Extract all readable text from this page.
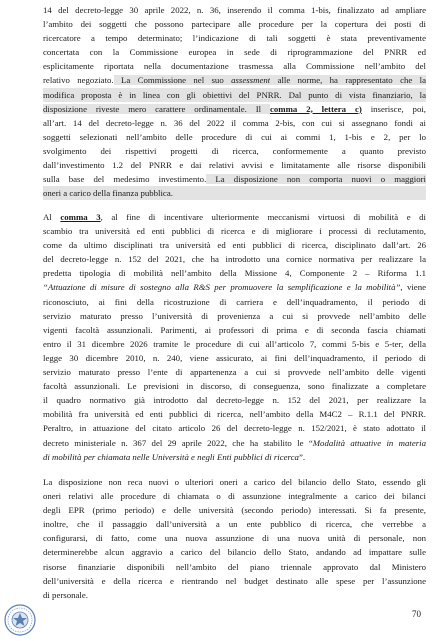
14 del decreto-legge 30 aprile 2022, n. 36, inserendo il comma 1-bis, finalizzato ad ampliare
l’ambito dei soggetti che possono partecipare alle procedure per la copertura dei posti di
ricercatore a tempo determinato; l’indicazione di tali soggetti è stata preventivamente
concertata con la Commissione europea in sede di riprogrammazione del PNRR ed
esplicitamente riportata nella documentazione trasmessa alla Commissione nell’ambito del
relativo negoziato. La Commissione nel suo assessment alle norme, ha rappresentato che la
modifica proposta è in linea con gli obiettivi del PNRR. Dal punto di vista finanziario, la
disposizione riveste mero carattere ordinamentale. Il comma 2, lettera c) inserisce, poi,
all’art. 14 del decreto-legge n. 36 del 2022 il comma 2-bis, con cui si assegnano fondi ai
soggetti selezionati nell’ambito delle procedure di cui ai commi 1, 1-bis e 2, per lo
svolgimento dei rispettivi progetti di ricerca, conformemente a quanto previsto
dall’investimento 1.2 del PNRR e dai relativi avvisi e limitatamente alle risorse disponibili
sulla base del medesimo investimento. La disposizione non comporta nuovi o maggiori
oneri a carico della finanza pubblica.
Al comma 3, al fine di incentivare ulteriormente meccanismi virtuosi di mobilità e di
scambio tra università ed enti pubblici di ricerca e di migliorare i processi di reclutamento,
come da ultimo disciplinati tra università ed enti pubblici di ricerca, disciplinato dall’art. 26
del decreto-legge n. 152 del 2021, che ha introdotto una cornice normativa per realizzare la
predetta tipologia di mobilità nell’ambito della Missione 4, Componente 2 – Riforma 1.1
“Attuazione di misure di sostegno alla R&S per promuovere la semplificazione e la mobilità”, viene
riconosciuto, ai fini della ricostruzione di carriera e dell’inquadramento, il periodo di
servizio maturato presso l’università di provenienza a cui si provvede nell’ambito delle
vigenti facoltà assunzionali. Parimenti, ai professori di prima e di seconda fascia chiamati
entro il 31 dicembre 2026 tramite le procedure di cui all’articolo 7, commi 5-bis e 5-ter, della
legge 30 dicembre 2010, n. 240, viene assicurato, ai fini dell’inquadramento, il periodo di
servizio maturato presso l’ente di appartenenza a cui si provvede nell’ambito delle vigenti
facoltà assunzionali. Le previsioni in discorso, di conseguenza, sono finalizzate a completare
il quadro normativo già introdotto dal decreto-legge n. 152 del 2021, per realizzare la
mobilità fra università ed enti pubblici di ricerca, nell’ambito della M4C2 – R.1.1 del PNRR.
Peraltro, in attuazione del citato articolo 26 del decreto-legge n. 152/2021, è stato adottato il
decreto ministeriale n. 367 del 29 aprile 2022, che ha stabilito le “Modalità attuative in materia
di mobilità per chiamata nelle Università e negli Enti pubblici di ricerca”.
La disposizione non reca nuovi o ulteriori oneri a carico del bilancio dello Stato, essendo gli
oneri relativi alle procedure di chiamata o di assunzione integralmente a carico dei bilanci
degli EPR (primo periodo) e delle università (secondo periodo) interessati. Si fa presente,
inoltre, che il passaggio dall’università a un ente pubblico di ricerca, che verrebbe a
configurarsi, di fatto, come una nuova assunzione di una nuova unità di personale, non
determinerebbe alcun aggravio a carico del bilancio dello Stato, andando ad impattare sulle
risorse finanziarie disponibili nell’ambito del piano triennale approvato dal Ministero
dell’università e della ricerca e rientrando nel budget destinato alle spese per l’assunzione
di personale.
70
